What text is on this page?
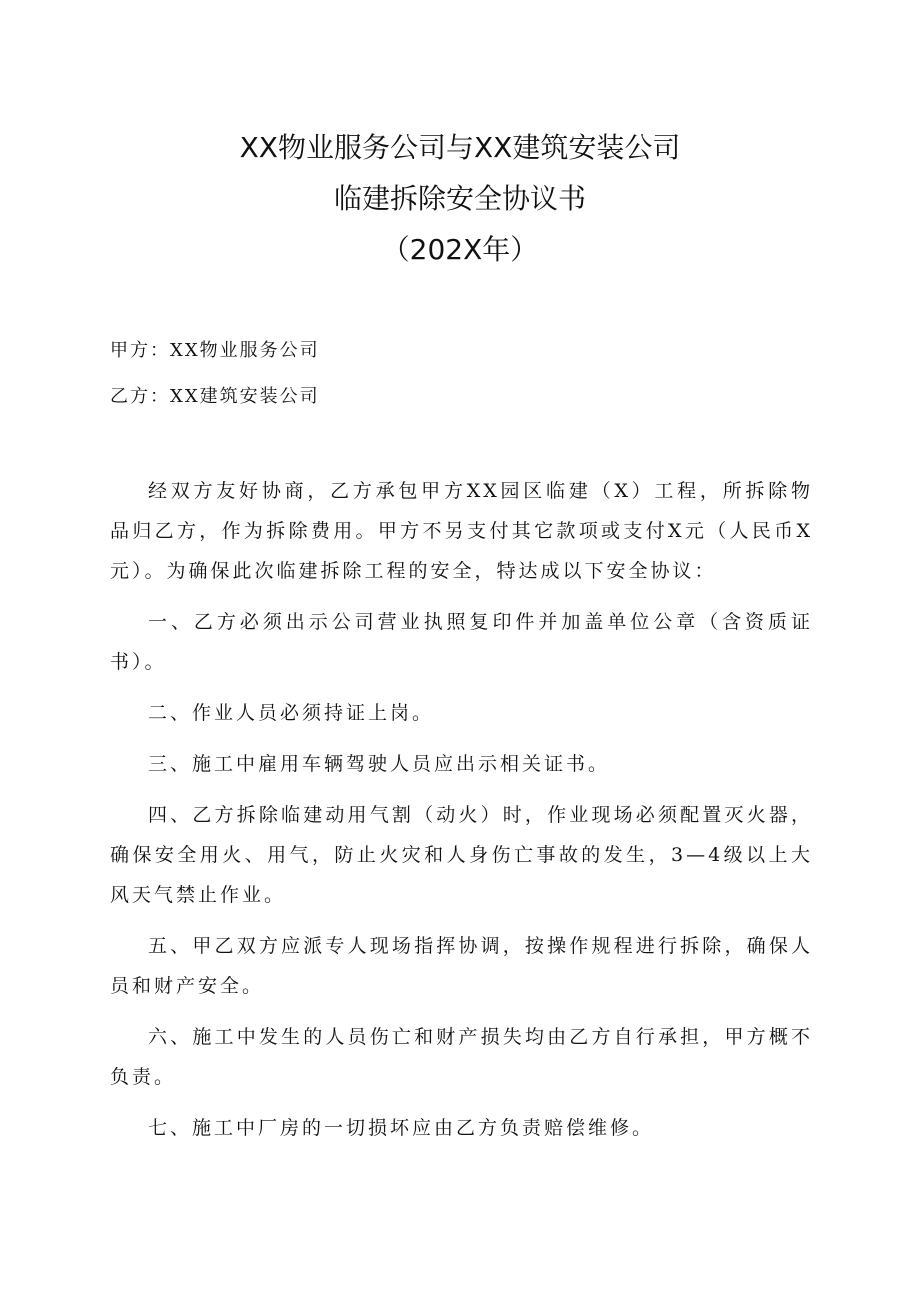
XX物业服务公司与XX建筑安装公司
临建拆除安全协议书
（202X年）
甲方：XX物业服务公司
乙方：XX建筑安装公司

经双方友好协商，乙方承包甲方XX园区临建（X）工程，所拆除物品归乙方，作为拆除费用。甲方不另支付其它款项或支付X元（人民币X元）。为确保此次临建拆除工程的安全，特达成以下安全协议：

一、乙方必须出示公司营业执照复印件并加盖单位公章（含资质证书）。

二、作业人员必须持证上岗。

三、施工中雇用车辆驾驶人员应出示相关证书。

四、乙方拆除临建动用气割（动火）时，作业现场必须配置灭火器，确保安全用火、用气，防止火灾和人身伤亡事故的发生，3—4级以上大风天气禁止作业。

五、甲乙双方应派专人现场指挥协调，按操作规程进行拆除，确保人员和财产安全。

六、施工中发生的人员伤亡和财产损失均由乙方自行承担，甲方概不负责。

七、施工中厂房的一切损坏应由乙方负责赔偿维修。
